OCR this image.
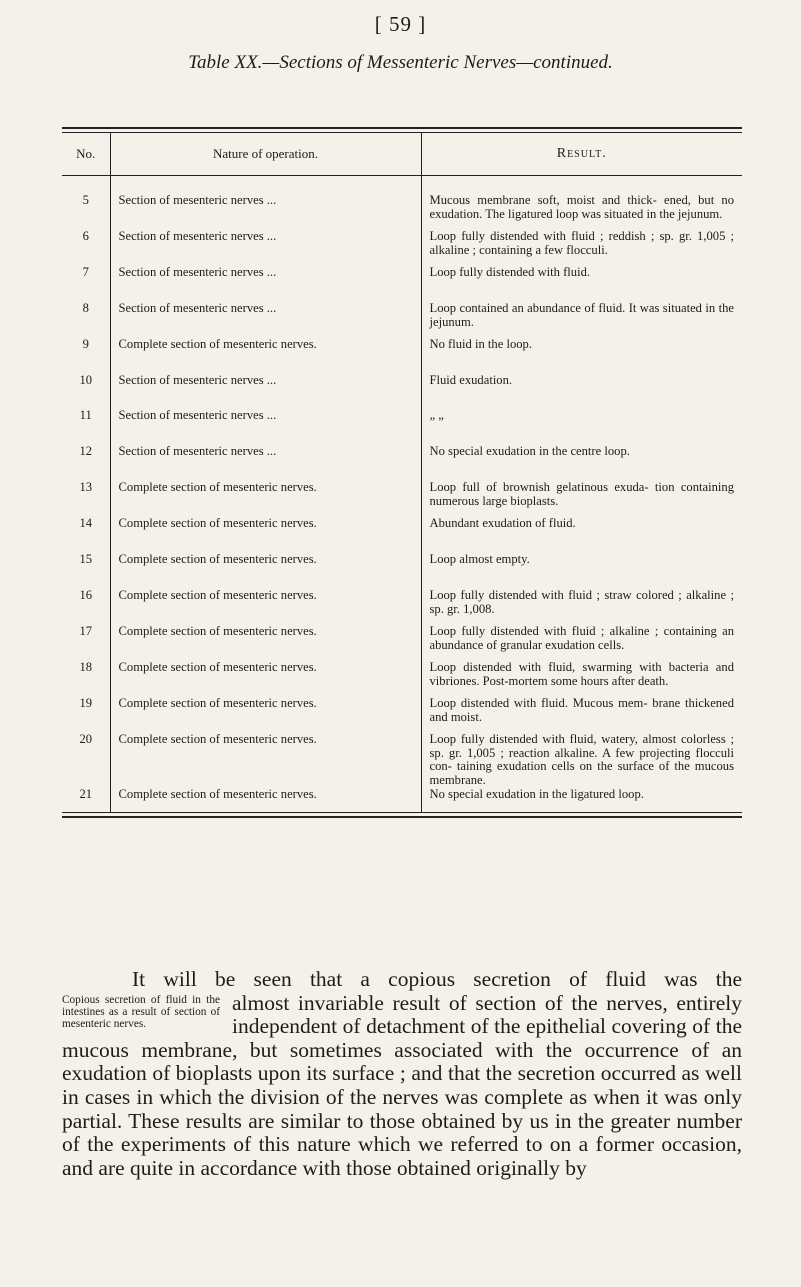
[ 59 ]
Table XX.—Sections of Messenteric Nerves—continued.
No.	Nature of operation.	Result.
5	Section of mesenteric nerves ...	Mucous membrane soft, moist and thick- ened, but no exudation. The ligatured loop was situated in the jejunum.
6	Section of mesenteric nerves ...	Loop fully distended with fluid ; reddish ; sp. gr. 1,005 ; alkaline ; containing a few flocculi.
7	Section of mesenteric nerves ...	Loop fully distended with fluid.
8	Section of mesenteric nerves ...	Loop contained an abundance of fluid. It was situated in the jejunum.
9	Complete section of mesenteric nerves.	No fluid in the loop.
10	Section of mesenteric nerves ...	Fluid exudation.
11	Section of mesenteric nerves ...	„ „
12	Section of mesenteric nerves ...	No special exudation in the centre loop.
13	Complete section of mesenteric nerves.	Loop full of brownish gelatinous exuda- tion containing numerous large bioplasts.
14	Complete section of mesenteric nerves.	Abundant exudation of fluid.
15	Complete section of mesenteric nerves.	Loop almost empty.
16	Complete section of mesenteric nerves.	Loop fully distended with fluid ; straw colored ; alkaline ; sp. gr. 1,008.
17	Complete section of mesenteric nerves.	Loop fully distended with fluid ; alkaline ; containing an abundance of granular exudation cells.
18	Complete section of mesenteric nerves.	Loop distended with fluid, swarming with bacteria and vibriones. Post-mortem some hours after death.
19	Complete section of mesenteric nerves.	Loop distended with fluid. Mucous mem- brane thickened and moist.
20	Complete section of mesenteric nerves.	Loop fully distended with fluid, watery, almost colorless ; sp. gr. 1,005 ; reaction alkaline. A few projecting flocculi con- taining exudation cells on the surface of the mucous membrane.
21	Complete section of mesenteric nerves.	No special exudation in the ligatured loop.

It will be seen that a copious secretion of fluid was the

Copious secretion of fluid in the intestines as a result of section of mesenteric nerves.

almost invariable result of section of the nerves, entirely independent of detachment of the epithelial covering of the mucous membrane, but sometimes associated with the occurrence of an exudation of bioplasts upon its surface ; and that the secretion occurred as well in cases in which the division of the nerves was complete as when it was only partial. These results are similar to those obtained by us in the greater number of the experiments of this nature which we referred to on a former occasion, and are quite in accordance with those obtained originally by
